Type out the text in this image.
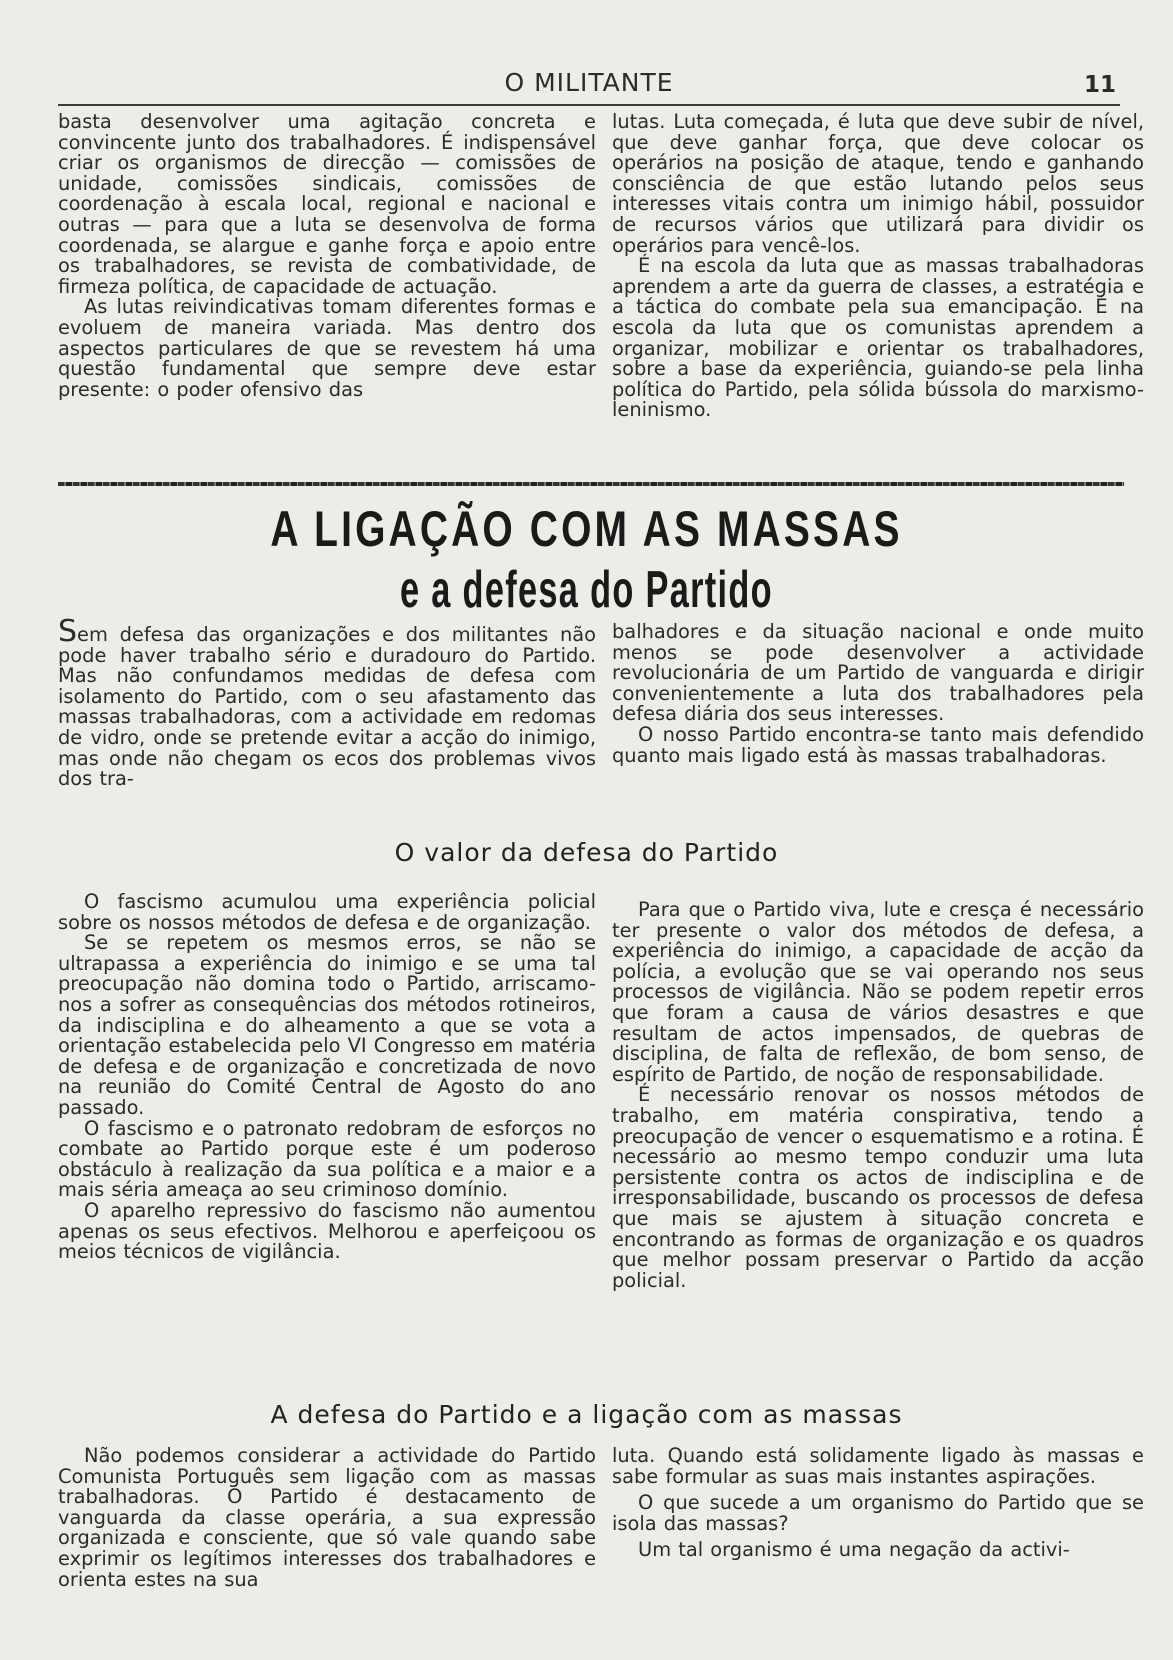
O MILITANTE	11

basta desenvolver uma agitação concreta e convincente junto dos trabalhadores. É indispensável criar os organismos de direcção — comissões de unidade, comissões sindicais, comissões de coordenação à escala local, regional e nacional e outras — para que a luta se desenvolva de forma coordenada, se alargue e ganhe força e apoio entre os trabalhadores, se revista de combatividade, de firmeza política, de capacidade de actuação.

As lutas reivindicativas tomam diferentes formas e evoluem de maneira variada. Mas dentro dos aspectos particulares de que se revestem há uma questão fundamental que sempre deve estar presente: o poder ofensivo das

lutas. Luta começada, é luta que deve subir de nível, que deve ganhar força, que deve colocar os operários na posição de ataque, tendo e ganhando consciência de que estão lutando pelos seus interesses vitais contra um inimigo hábil, possuidor de recursos vários que utilizará para dividir os operários para vencê-los.

É na escola da luta que as massas trabalhadoras aprendem a arte da guerra de classes, a estratégia e a táctica do combate pela sua emancipação. É na escola da luta que os comunistas aprendem a organizar, mobilizar e orientar os trabalhadores, sobre a base da experiência, guiando-se pela linha política do Partido, pela sólida bússola do marxismo-leninismo.

A LIGAÇÃO COM AS MASSAS
e a defesa do Partido

Sem defesa das organizações e dos militantes não pode haver trabalho sério e duradouro do Partido. Mas não confundamos medidas de defesa com isolamento do Partido, com o seu afastamento das massas trabalhadoras, com a actividade em redomas de vidro, onde se pretende evitar a acção do inimigo, mas onde não chegam os ecos dos problemas vivos dos tra-

balhadores e da situação nacional e onde muito menos se pode desenvolver a actividade revolucionária de um Partido de vanguarda e dirigir convenientemente a luta dos trabalhadores pela defesa diária dos seus interesses.

O nosso Partido encontra-se tanto mais defendido quanto mais ligado está às massas trabalhadoras.

O valor da defesa do Partido

O fascismo acumulou uma experiência policial sobre os nossos métodos de defesa e de organização.

Se se repetem os mesmos erros, se não se ultrapassa a experiência do inimigo e se uma tal preocupação não domina todo o Partido, arriscamo-nos a sofrer as consequências dos métodos rotineiros, da indisciplina e do alheamento a que se vota a orientação estabelecida pelo VI Congresso em matéria de defesa e de organização e concretizada de novo na reunião do Comité Central de Agosto do ano passado.

O fascismo e o patronato redobram de esforços no combate ao Partido porque este é um poderoso obstáculo à realização da sua política e a maior e a mais séria ameaça ao seu criminoso domínio.

O aparelho repressivo do fascismo não aumentou apenas os seus efectivos. Melhorou e aperfeiçoou os meios técnicos de vigilância.

Para que o Partido viva, lute e cresça é necessário ter presente o valor dos métodos de defesa, a experiência do inimigo, a capacidade de acção da polícia, a evolução que se vai operando nos seus processos de vigilância. Não se podem repetir erros que foram a causa de vários desastres e que resultam de actos impensados, de quebras de disciplina, de falta de reflexão, de bom senso, de espírito de Partido, de noção de responsabilidade.

É necessário renovar os nossos métodos de trabalho, em matéria conspirativa, tendo a preocupação de vencer o esquematismo e a rotina. É necessário ao mesmo tempo conduzir uma luta persistente contra os actos de indisciplina e de irresponsabilidade, buscando os processos de defesa que mais se ajustem à situação concreta e encontrando as formas de organização e os quadros que melhor possam preservar o Partido da acção policial.

A defesa do Partido e a ligação com as massas

Não podemos considerar a actividade do Partido Comunista Português sem ligação com as massas trabalhadoras. O Partido é destacamento de vanguarda da classe operária, a sua expressão organizada e consciente, que só vale quando sabe exprimir os legítimos interesses dos trabalhadores e orienta estes na sua

luta. Quando está solidamente ligado às massas e sabe formular as suas mais instantes aspirações.

O que sucede a um organismo do Partido que se isola das massas?

Um tal organismo é uma negação da activi-
